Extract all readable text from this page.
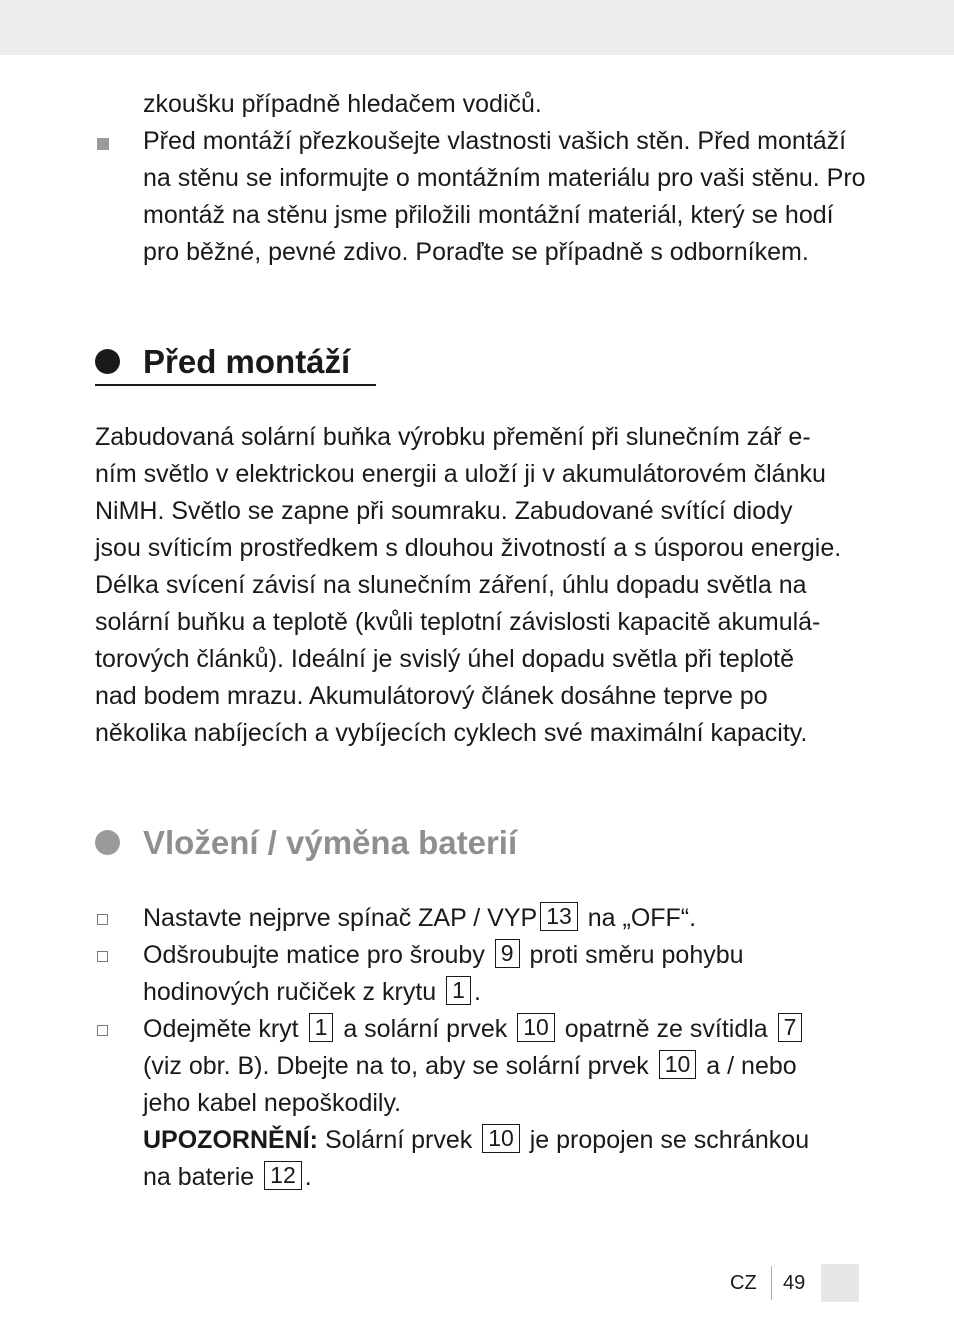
zkoušku případně hledačem vodičů.
Před montáží přezkoušejte vlastnosti vašich stěn. Před montáží
na stěnu se informujte o montážním materiálu pro vaši stěnu. Pro
montáž na stěnu jsme přiložili montážní materiál, který se hodí
pro běžné, pevné zdivo. Poraďte se případně s odborníkem.
Před montáží
Zabudovaná solární buňka výrobku přemění při slunečním zář e-
ním světlo v elektrickou energii a uloží ji v akumulátorovém článku
NiMH. Světlo se zapne při soumraku. Zabudované svítící diody
jsou svíticím prostředkem s dlouhou životností a s úsporou energie.
Délka svícení závisí na slunečním záření, úhlu dopadu světla na
solární buňku a teplotě (kvůli teplotní závislosti kapacitě akumulá-
torových článků). Ideální je svislý úhel dopadu světla při teplotě
nad bodem mrazu. Akumulátorový článek dosáhne teprve po
několika nabíjecích a vybíjecích cyklech své maximální kapacity.
Vložení / výměna baterií
Nastavte nejprve spínač ZAP / VYP 13 na „OFF“.
Odšroubujte matice pro šrouby 9 proti směru pohybu
hodinových ručiček z krytu 1 .
Odejměte kryt 1 a solární prvek 10 opatrně ze svítidla 7
(viz obr. B). Dbejte na to, aby se solární prvek 10 a / nebo
jeho kabel nepoškodily.
UPOZORNĚNÍ: Solární prvek 10 je propojen se schránkou
na baterie 12 .
CZ 49
